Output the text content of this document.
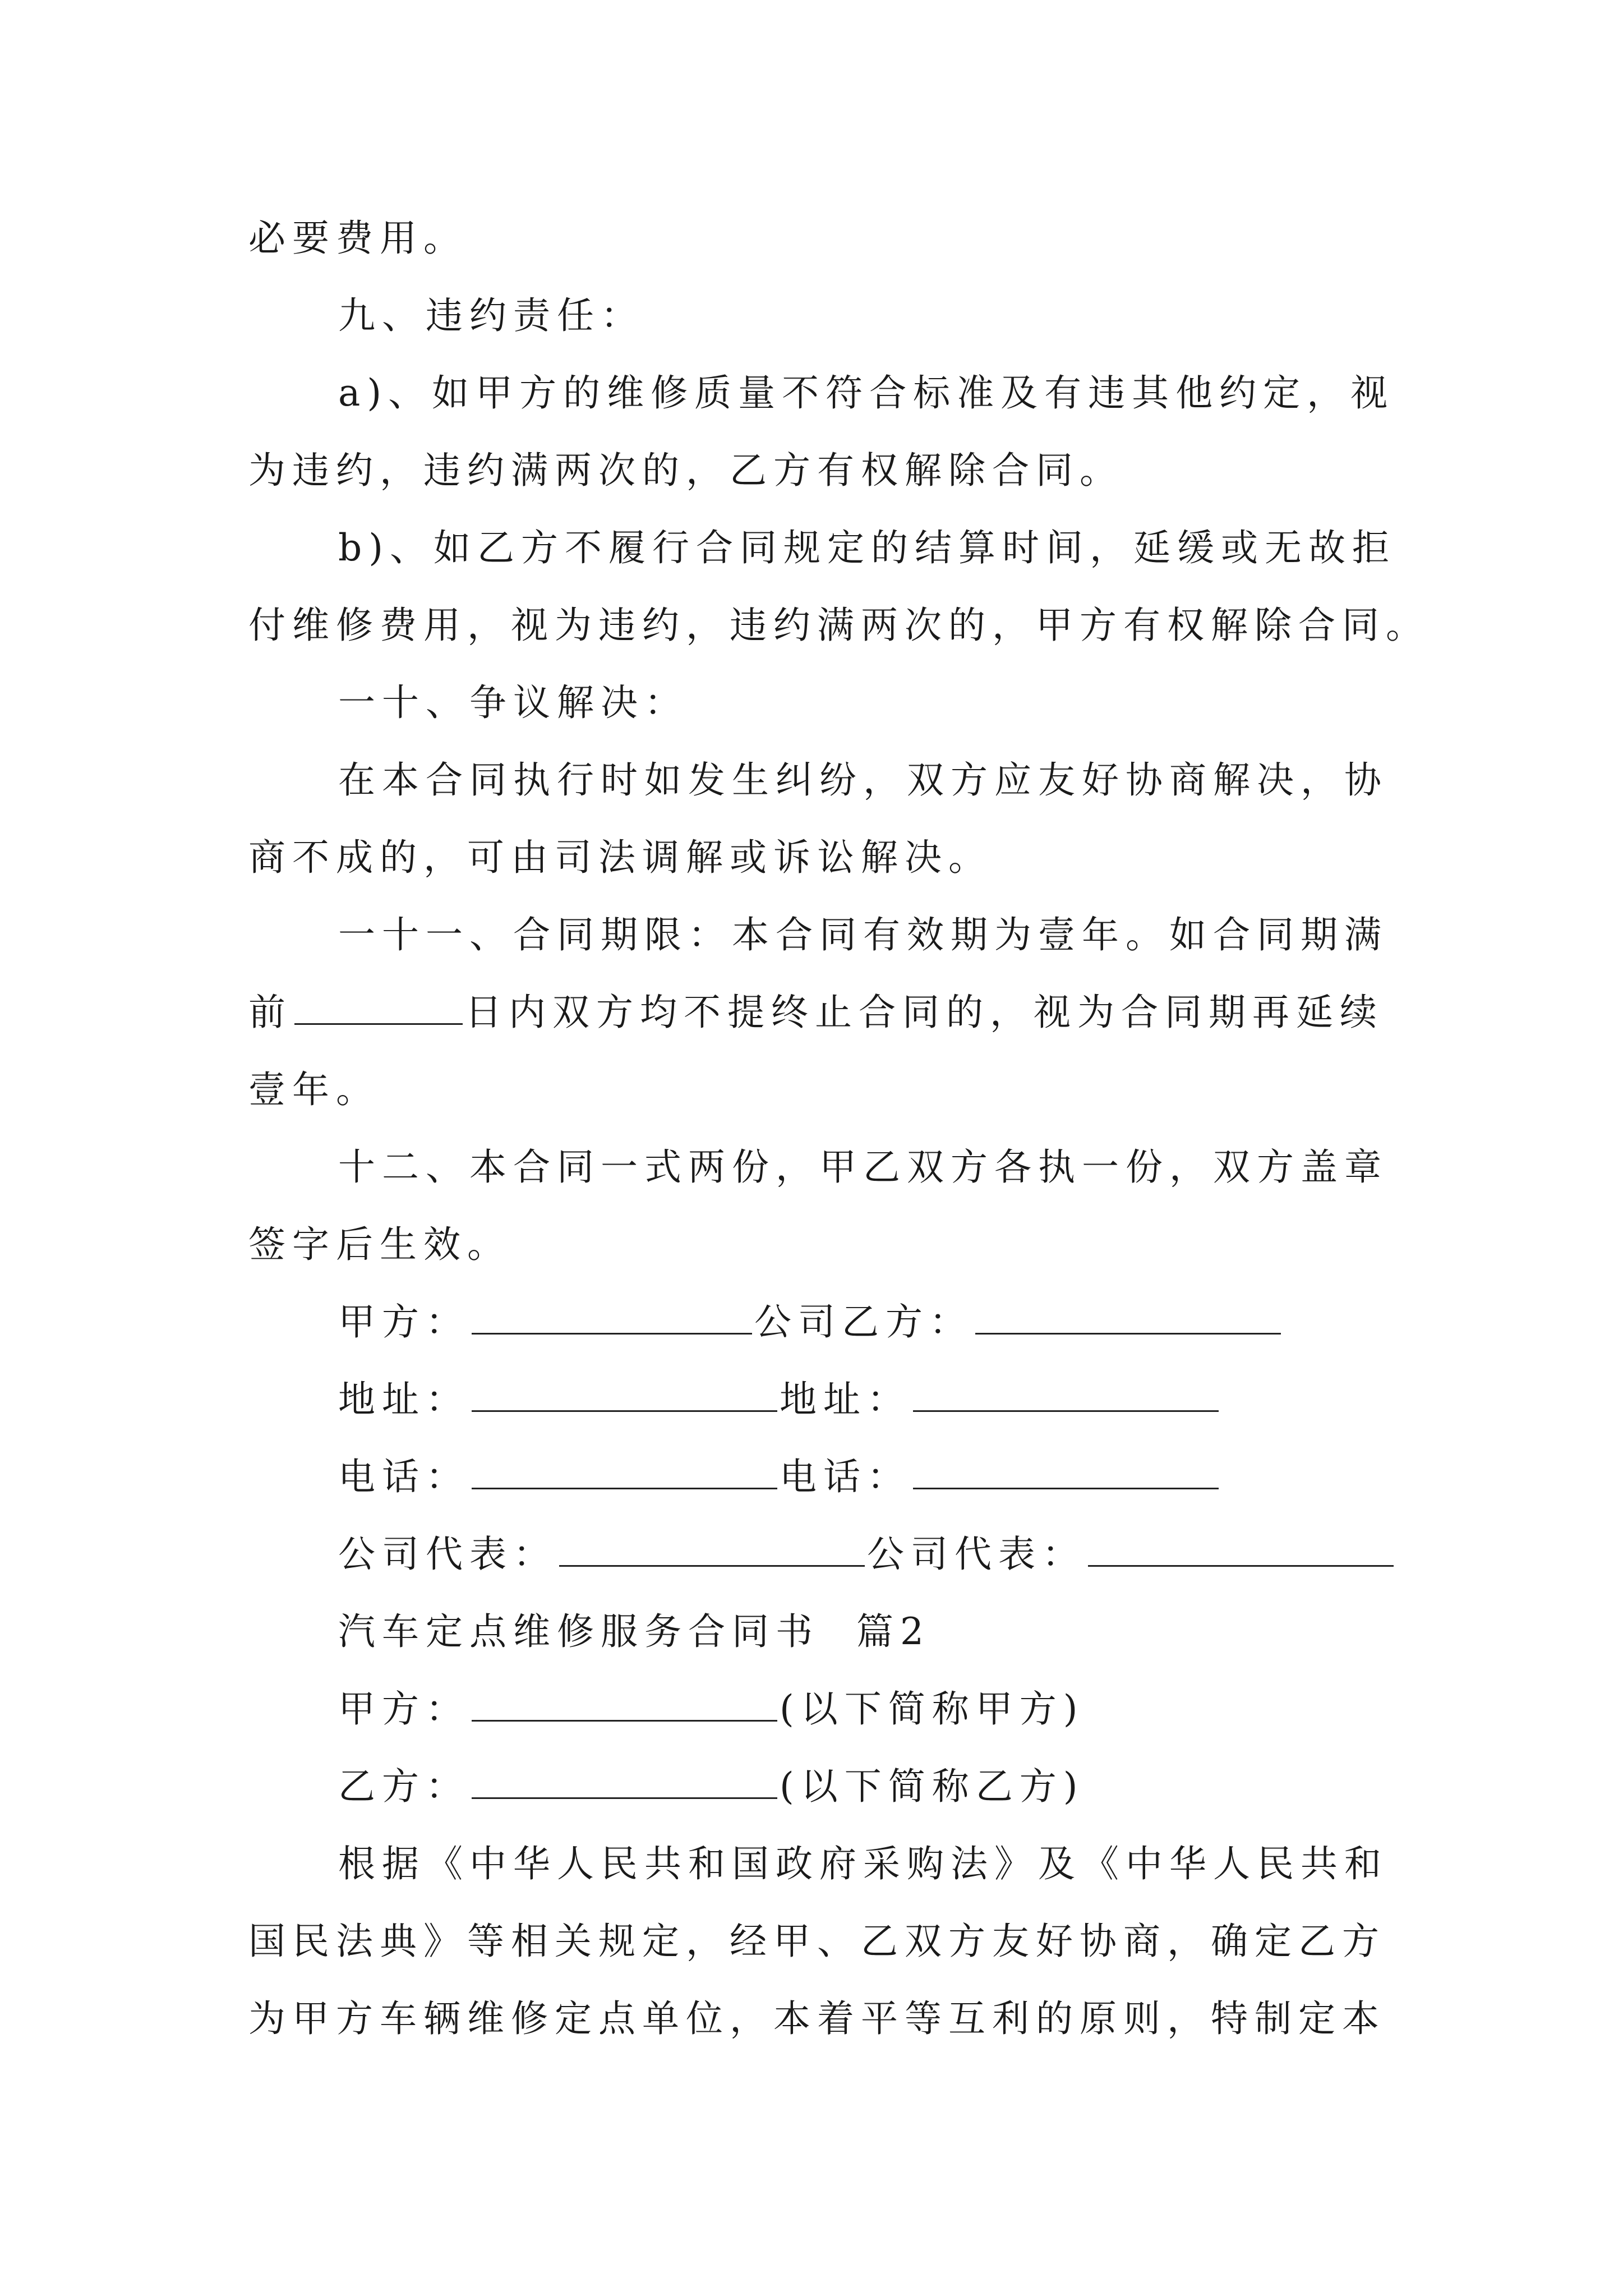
必要费用。

九、违约责任：

a)、如甲方的维修质量不符合标准及有违其他约定，视

为违约，违约满两次的，乙方有权解除合同。

b)、如乙方不履行合同规定的结算时间，延缓或无故拒

付维修费用，视为违约，违约满两次的，甲方有权解除合同。

一十、争议解决：

在本合同执行时如发生纠纷，双方应友好协商解决，协

商不成的，可由司法调解或诉讼解决。

一十一、合同期限：本合同有效期为壹年。如合同期满

前	日内双方均不提终止合同的，视为合同期再延续

壹年。

十二、本合同一式两份，甲乙双方各执一份，双方盖章

签字后生效。

甲方：	公司乙方：

地址：	地址：

电话：	电话：

公司代表：	公司代表：

汽车定点维修服务合同书  篇2

甲方：	(以下简称甲方)

乙方：	(以下简称乙方)

根据《中华人民共和国政府采购法》及《中华人民共和

国民法典》等相关规定，经甲、乙双方友好协商，确定乙方

为甲方车辆维修定点单位，本着平等互利的原则，特制定本
